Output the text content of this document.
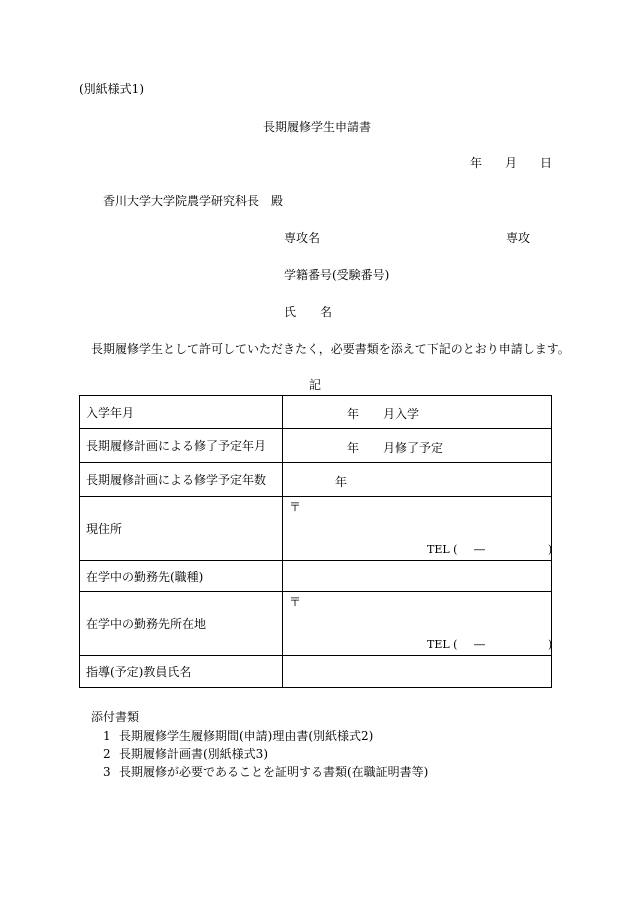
(別紙様式1)
長期履修学生申請書
年 月 日
香川大学大学院農学研究科長　殿
専攻名	専攻
学籍番号(受験番号)
氏　　名
長期履修学生として許可していただきたく，必要書類を添えて下記のとおり申請します。
記
入学年月	年 月入学

長期履修計画による修了予定年月	年 月修了予定

長期履修計画による修学予定年数	年

現住所	〒
TEL ( ― )

在学中の勤務先(職種)	
在学中の勤務先所在地	〒
TEL ( ― )

指導(予定)教員氏名	
添付書類
1 長期履修学生履修期間(申請)理由書(別紙様式2)
2 長期履修計画書(別紙様式3)
3 長期履修が必要であることを証明する書類(在職証明書等)
